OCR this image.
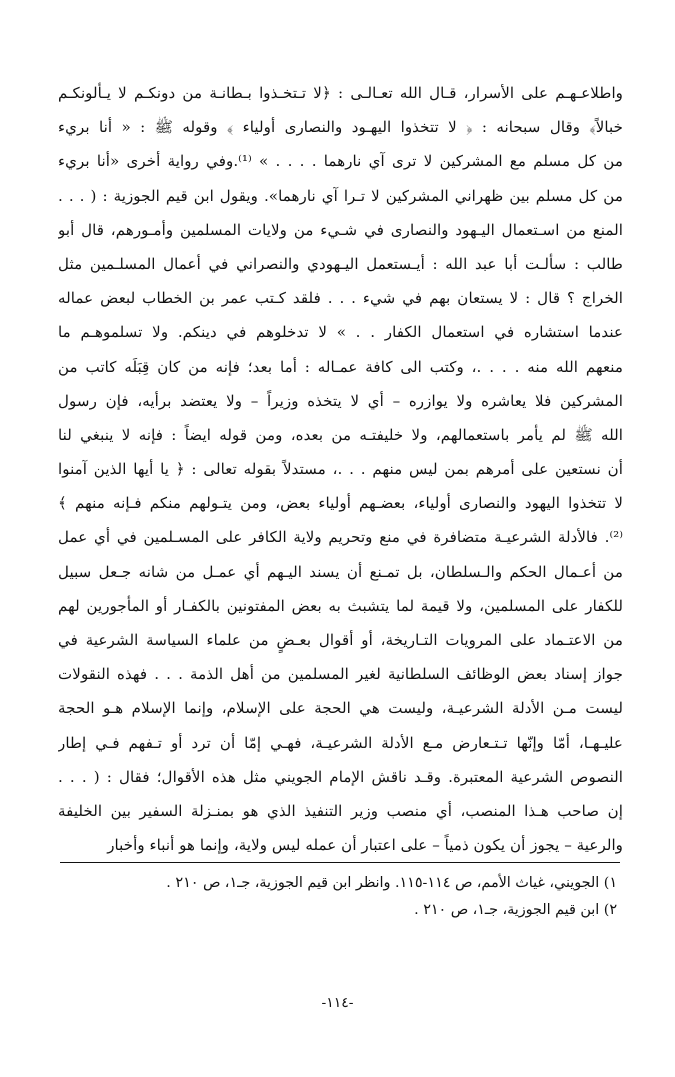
واطلاعـهـم على الأسرار، قـال الله تعـالـى : ﴿لا تـتخـذوا بـطانـة من دونكـم لا يـألونكـم
خبالاً﴾ وقال سبحانه : ﴿ لا تتخذوا اليهـود والنصارى أولياء ﴾ وقوله ﷺ : « أنا بريء
من كل مسلم مع المشركين لا ترى آي نارهما . . . . » ⁽¹⁾.وفي رواية أخرى «أنا بريء
من كل مسلم بين ظهراني المشركين لا تـرا آي نارهما». ويقول ابن قيم الجوزية : ( . . .
المنع من اسـتعمال اليـهود والنصارى في شـيء من ولايات المسلمين وأمـورهم، قال أبو
طالب : سألـت أبا عبد الله : أيـستعمل اليـهودي والنصراني في أعمال المسلـمين مثل
الخراج ؟ قال : لا يستعان بهم في شيء . . . فلقد كـتب عمر بن الخطاب لبعض عماله
عندما استشاره في استعمال الكفار . . » لا تدخلوهم في دينكم. ولا تسلموهـم ما
منعهم الله منه . . . .، وكتب الى كافة عمـاله : أما بعد؛ فإنه من كان قِبَلَه كاتب من
المشركين فلا يعاشره ولا يوازره – أي لا يتخذه وزيراً – ولا يعتضد برأيه، فإن رسول
الله ﷺ لم يأمر باستعمالهم، ولا خليفتـه من بعده، ومن قوله ايضاً : فإنه لا ينبغي لنا
أن نستعين على أمرهم بمن ليس منهم . . .، مستدلاً بقوله تعالى : ﴿ يا أيها الذين آمنوا
لا تتخذوا اليهود والنصارى أولياء، بعضـهم أولياء بعض، ومن يتـولهم منكم فـإنه منهم ﴾
⁽²⁾. فالأدلة الشرعيـة متضافرة في منع وتحريم ولاية الكافر على المسـلمين في أي عمل
من أعـمال الحكم والـسلطان، بل تمـنع أن يسند اليـهم أي عمـل من شانه جـعل سبيل
للكفار على المسلمين، ولا قيمة لما يتشبث به بعض المفتونين بالكفـار أو المأجورين لهم
من الاعتـماد على المرويات التـاريخة، أو أقوال بعـضٍ من علماء السياسة الشرعية في
جواز إسناد بعض الوظائف السلطانية لغير المسلمين من أهل الذمة . . . فهذه النقولات
ليست مـن الأدلة الشرعيـة، وليست هي الحجة على الإسلام، وإنما الإسلام هـو الحجة
عليـهـا، أمّا وإنّها تـتـعارض مـع الأدلة الشرعيـة، فهـي إمّا أن ترد أو تـفهم فـي إطار
النصوص الشرعية المعتبرة. وقـد ناقش الإمام الجويني مثل هذه الأقوال؛ فقال : ( . . .
إن صاحب هـذا المنصب، أي منصب وزير التنفيذ الذي هو بمنـزلة السفير بين الخليفة
والرعية – يجوز أن يكون ذمياً – على اعتبار أن عمله ليس ولاية، وإنما هو أنباء وأخبار
١) الجويني، غياث الأمم، ص ١١٤-١١٥. وانظر ابن قيم الجوزية، جـ١، ص ٢١٠ .
٢) ابن قيم الجوزية، جـ١، ص ٢١٠ .
-١١٤-
